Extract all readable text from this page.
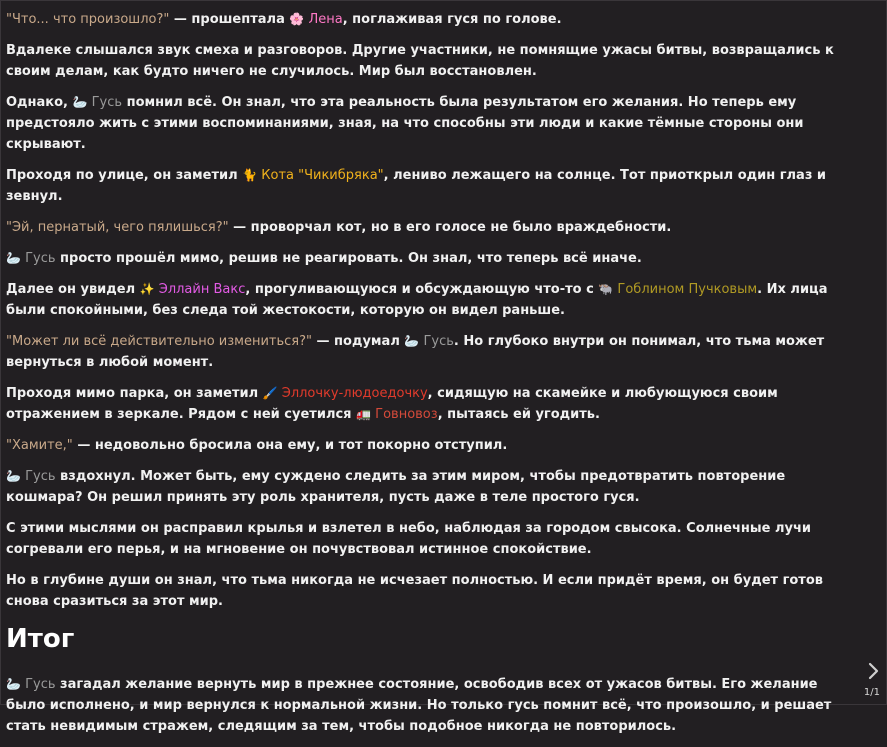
"Что... что произошло?" — прошептала 🌸 Лена, поглаживая гуся по голове.

Вдалеке слышался звук смеха и разговоров. Другие участники, не помнящие ужасы битвы, возвращались к своим делам, как будто ничего не случилось. Мир был восстановлен.

Однако, 🦢 Гусь помнил всё. Он знал, что эта реальность была результатом его желания. Но теперь ему предстояло жить с этими воспоминаниями, зная, на что способны эти люди и какие тёмные стороны они скрывают.

Проходя по улице, он заметил 🐈 Кота "Чикибряка", лениво лежащего на солнце. Тот приоткрыл один глаз и зевнул.

"Эй, пернатый, чего пялишься?" — проворчал кот, но в его голосе не было враждебности.

🦢 Гусь просто прошёл мимо, решив не реагировать. Он знал, что теперь всё иначе.

Далее он увидел ✨ Эллайн Вакс, прогуливающуюся и обсуждающую что-то с 🐃 Гоблином Пучковым. Их лица были спокойными, без следа той жестокости, которую он видел раньше.

"Может ли всё действительно измениться?" — подумал 🦢 Гусь. Но глубоко внутри он понимал, что тьма может вернуться в любой момент.

Проходя мимо парка, он заметил 🖌️ Эллочку-людоедочку, сидящую на скамейке и любующуюся своим отражением в зеркале. Рядом с ней суетился 🚛 Говновоз, пытаясь ей угодить.

"Хамите," — недовольно бросила она ему, и тот покорно отступил.

🦢 Гусь вздохнул. Может быть, ему суждено следить за этим миром, чтобы предотвратить повторение кошмара? Он решил принять эту роль хранителя, пусть даже в теле простого гуся.

С этими мыслями он расправил крылья и взлетел в небо, наблюдая за городом свысока. Солнечные лучи согревали его перья, и на мгновение он почувствовал истинное спокойствие.

Но в глубине души он знал, что тьма никогда не исчезает полностью. И если придёт время, он будет готов снова сразиться за этот мир.

Итог

🦢 Гусь загадал желание вернуть мир в прежнее состояние, освободив всех от ужасов битвы. Его желание было исполнено, и мир вернулся к нормальной жизни. Но только гусь помнит всё, что произошло, и решает стать невидимым стражем, следящим за тем, чтобы подобное никогда не повторилось.

1/1
